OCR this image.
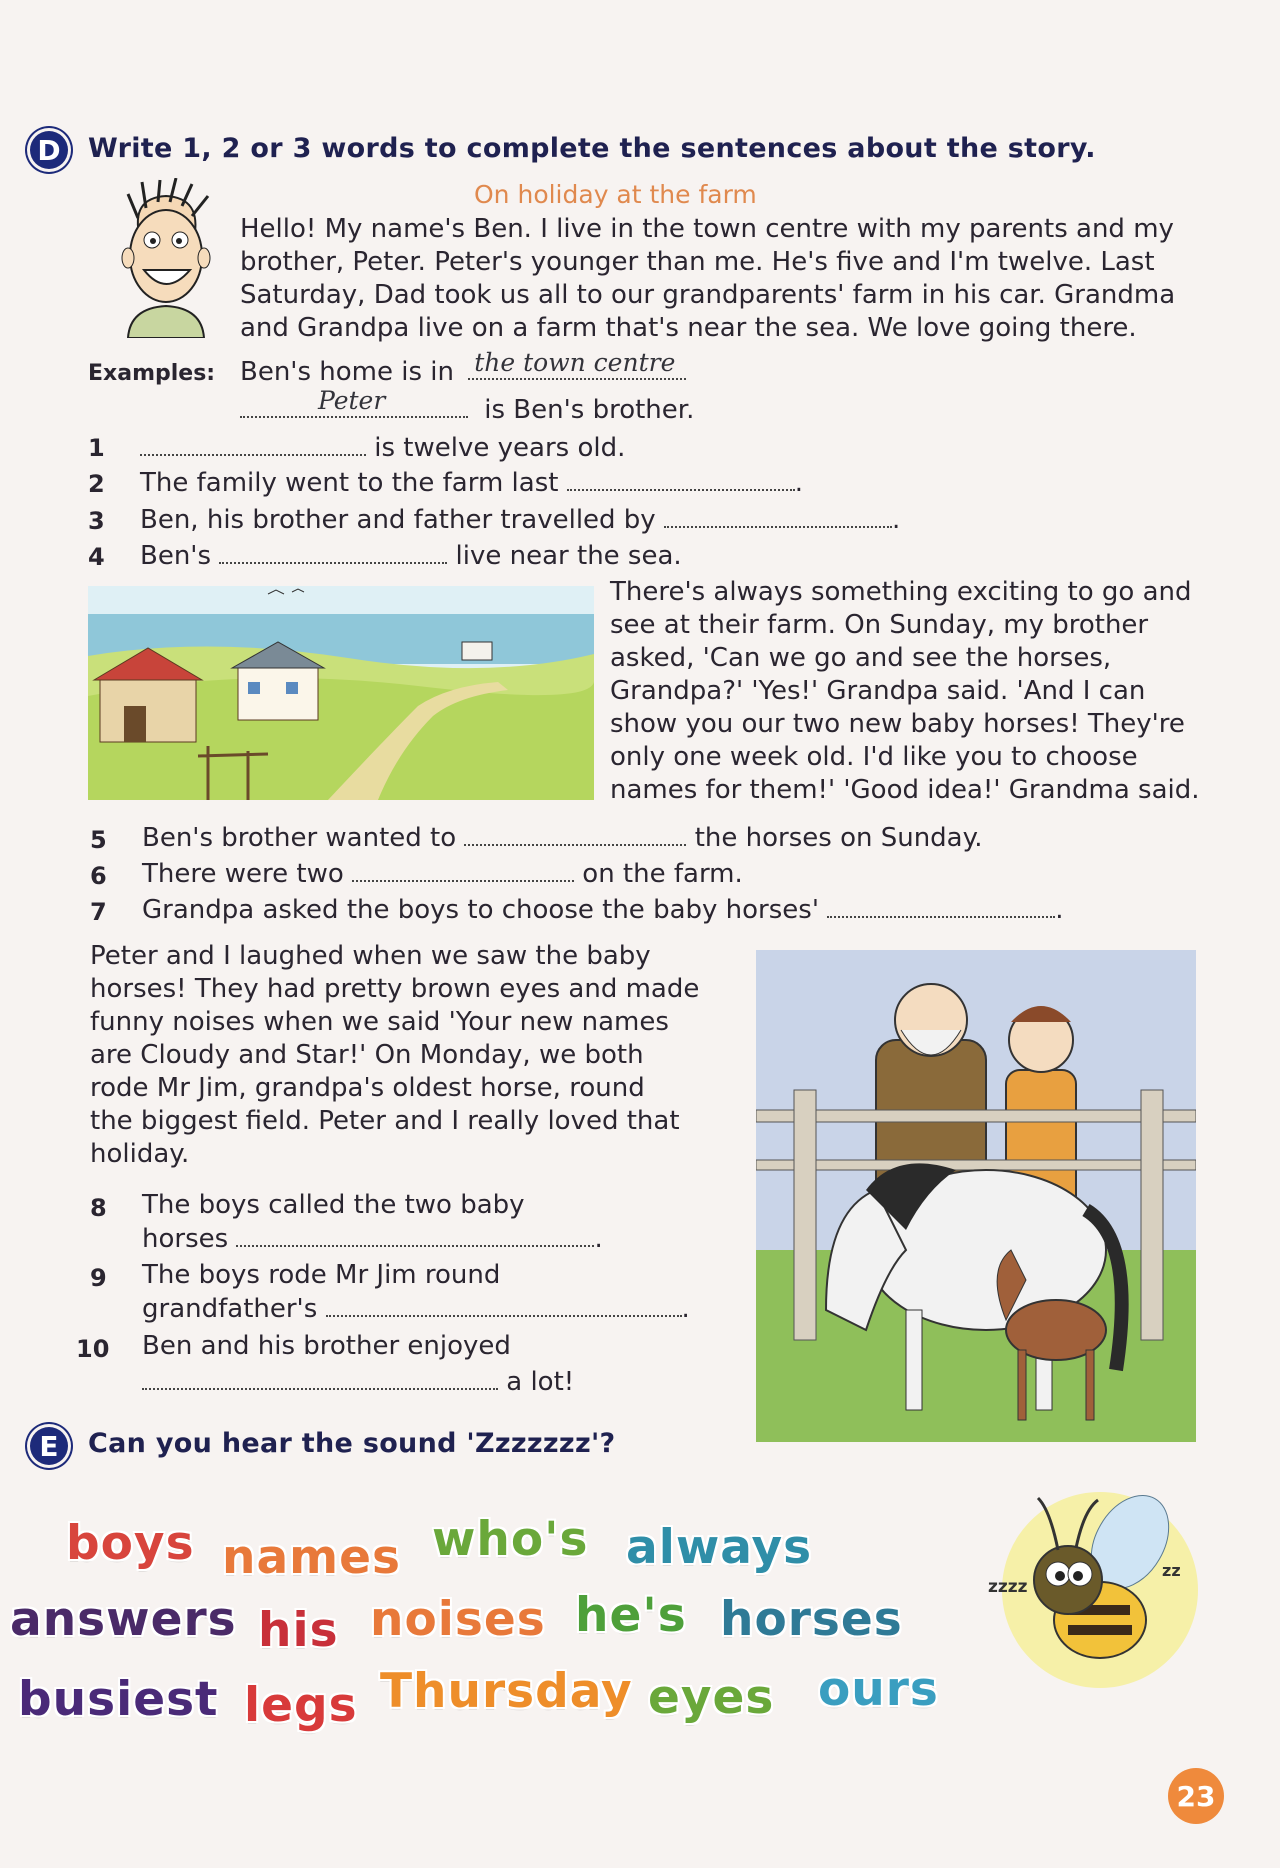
D Write 1, 2 or 3 words to complete the sentences about the story.
On holiday at the farm
Hello! My name's Ben. I live in the town centre with my parents and my
brother, Peter. Peter's younger than me. He's five and I'm twelve. Last
Saturday, Dad took us all to our grandparents' farm in his car. Grandma
and Grandpa live on a farm that's near the sea. We love going there.
Examples: Ben's home is in the town centre
Peter	is Ben's brother.
1	is twelve years old.
2 The family went to the farm last	.
3 Ben, his brother and father travelled by	.
4 Ben's	live near the sea.
There's always something exciting to go and
see at their farm. On Sunday, my brother
asked, 'Can we go and see the horses,
Grandpa?' 'Yes!' Grandpa said. 'And I can
show you our two new baby horses! They're
only one week old. I'd like you to choose
names for them!' 'Good idea!' Grandma said.
5 Ben's brother wanted to	the horses on Sunday.
6 There were two	on the farm.
7 Grandpa asked the boys to choose the baby horses'	.
Peter and I laughed when we saw the baby
horses! They had pretty brown eyes and made
funny noises when we said 'Your new names
are Cloudy and Star!' On Monday, we both
rode Mr Jim, grandpa's oldest horse, round
the biggest field. Peter and I really loved that
holiday.
8 The boys called the two baby
horses	.
9 The boys rode Mr Jim round
grandfather's	.
10 Ben and his brother enjoyed
a lot!
E	Can you hear the sound 'Zzzzzzz'?
zzzz
zz
boys names who's always
answers his noises he's horses
busiest legs Thursday eyes ours
23
